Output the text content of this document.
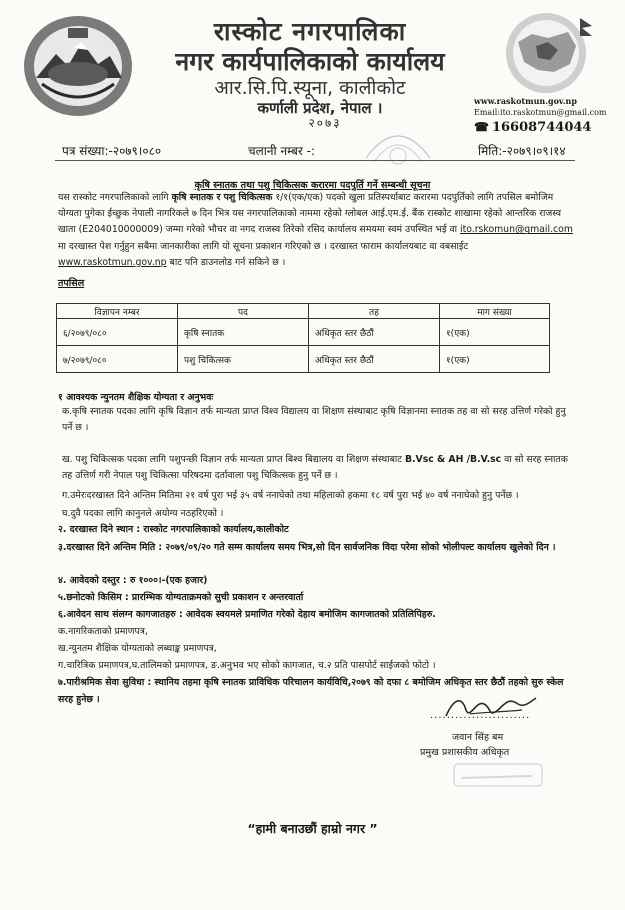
रास्कोट नगरपालिका
नगर कार्यपालिकाको कार्यालय
आर.सि.पि.स्यूना, कालीकोट
कर्णाली प्रदेश, नेपाल ।
२०७३
www.raskotmun.gov.np
Email:ito.raskotmun@gmail.com
☎ 16608744044
पत्र संख्या:-२०७९।०८०	चलानी नम्बर -:	मिति:-२०७९।०९।१४
कृषि स्नातक तथा पशु चिकित्सक करारमा पदपुर्ति गर्ने सम्बन्धी सूचना
यस रास्कोट नगरपालिकाको लागि कृषि स्नातक र पशु चिकित्सक १/१(एक/एक) पदको खुला प्रतिस्पर्धाबाट करारमा पदपुर्तिको लागि तपसिल बमोजिम योग्यता पुगेका ईच्छुक नेपाली नागरिकले ७ दिन भित्र यस नगरपालिकाको नाममा रहेको ग्लोबल आई.एम.ई. बैंक रास्कोट शाखामा रहेको आन्तरिक राजस्व खाता (E204010000009) जम्मा गरेको भौचर वा नगद राजस्व तिरेको रसिद कार्यालय समयमा स्वमं उपस्थित भई वा ito.rskomun@gmail.com मा दरखास्त पेश गर्नुहुन सबैमा जानकारीका लागि यो सूचना प्रकाशन गरिएको छ । दरखास्त फाराम कार्यालयबाट वा वबसाईट www.raskotmun.gov.np बाट पनि डाउनलोड गर्न सकिने छ ।
तपसिल
विज्ञापन नम्बर	पद	तह	माग संख्या
६/२०७९/०८०	कृषि स्नातक	अधिकृत स्तर छैठौं	१(एक)
७/२०७९/०८०	पशु चिकित्सक	अधिकृत स्तर छैठौं	१(एक)
१ आवश्यक न्युनतम शैक्षिक योग्यता र अनुभवः
क.कृषि स्नातक पदका लागि कृषि विज्ञान तर्फ मान्यता प्राप्त विश्व विद्यालय वा शिक्षण संस्थाबाट कृषि विज्ञानमा स्नातक तह वा सो सरह उत्तिर्ण गरेको हुनु पर्ने छ ।
ख. पशु चिकित्सक पदका लागि पशुपन्छी विज्ञान तर्फ मान्यता प्राप्त बिश्व बिद्यालय वा शिक्षण संस्थाबाट B.Vsc & AH /B.V.sc वा सो सरह स्नातक तह उत्तिर्ण गरी नेपाल पशु चिकित्सा परिषदमा दर्तावाला पशु चिकित्सक हुनु पर्ने छ ।
ग.उमेरःदरखास्त दिने अन्तिम मितिमा २१ वर्ष पुरा भई ३५ वर्ष ननाघेको तथा महिलाको हकमा १८ वर्ष पुरा भई ४० वर्ष ननाघेको हुनु पर्नेछ ।
घ.दुवै पदका लागि कानुनले अयोग्य नठहरिएको ।
२. दरखास्त दिने स्थान : रास्कोट नगरपालिकाको कार्यालय,कालीकोट
३.दरखास्त दिने अन्तिम मिति : २०७९/०९/२० गते सम्म कार्यालय समय भित्र,सो दिन सार्वजनिक विदा परेमा सोको भोलीपल्ट कार्यालय खुलेको दिन ।
४. आवेदको दस्तुर : रु १०००।-(एक हजार)
५.छनोटको किसिम : प्रारम्भिक योग्यताक्रमको सुची प्रकाशन र अन्तरवार्ता
६.आवेदन साथ संलग्न कागजातहरु : आवेदक स्वयमले प्रमाणित गरेको देहाय बमोजिम कागजातको प्रतिलिपिहरु.
क.नागरिकताको प्रमाणपत्र,
ख.न्युनतम शैक्षिक योग्यताको लब्धाङ्क प्रमाणपत्र,
ग.चारित्रिक प्रमाणपत्र,घ.तालिमको प्रमाणपत्र, ङ.अनुभव भए सोको कागजात, च.२ प्रति पासपोर्ट साईजको फोटो ।
७.पारीश्रमिक सेवा सुविधा : स्थानिय तहमा कृषि स्नातक प्राविधिक परिचालन कार्यविधि,२०७९ को दफा ८ बमोजिम अधिकृत स्तर छैठौं तहको सुरु स्केल सरह हुनेछ ।
........................
जवान सिंह बम
प्रमुख प्रशासकीय अधिकृत
“हामी बनाउछौं हाम्रो नगर ”
